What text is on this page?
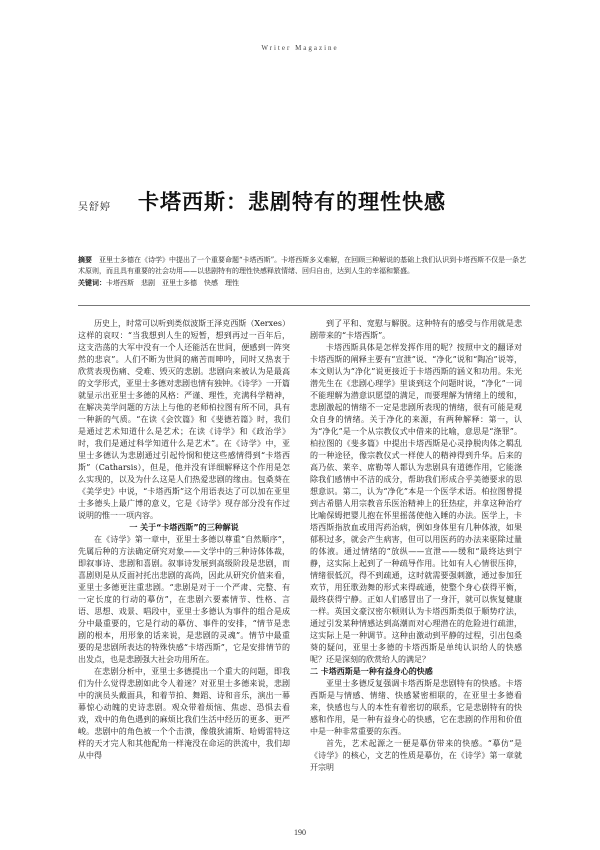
Writer Magazine
吴舒婷 卡塔西斯：悲剧特有的理性快感
摘要　 亚里士多德在《诗学》中提出了一个重要命题“卡塔西斯”。卡塔西斯多义难解，在回顾三种解说的基础上我们认识到卡塔西斯不仅是一条艺术原则，而且具有重要的社会功用——以悲剧特有的理性快感释放情绪、回归自由，达到人生的幸福和繁盛。
关键词：卡塔西斯　悲剧　亚里士多德　快感　理性

历史上，时常可以听到类似波斯王泽克西斯（Xerxes）这样的哀叹：“当我想到人生的短暂，想到再过一百年后，这支浩荡的大军中没有一个人还能活在世间，便感到一阵突然的悲哀”。人们不断为世间的痛苦而呻吟，同时又热衷于欣赏表现伤痛、受难、毁灭的悲剧。悲剧向来被认为是最高的文学形式，亚里士多德对悲剧也情有独钟。《诗学》一开篇就显示出亚里士多德的风格：严谨、理性，充满科学精神，在解决美学问题的方法上与他的老师柏拉图有所不同，具有一种新的气质。“在读《会饮篇》和《斐德若篇》时，我们是通过艺术知道什么是艺术；在读《诗学》和《政治学》时，我们是通过科学知道什么是艺术”。在《诗学》中，亚里士多德认为悲剧通过引起怜悯和使这些感情得到“卡塔西斯”（Catharsis），但是，他并没有详细解释这个作用是怎么实现的，以及为什么这是人们热爱悲剧的缘由。包桑葵在《美学史》中说，“卡塔西斯”这个用语表达了可以加在亚里士多德头上最广博的意义，它是《诗学》现存部分没有作过说明的惟一一项内容。

一 关于“卡塔西斯”的三种解说

在《诗学》第一章中，亚里士多德以尊重“自然顺序”，先属后种的方法确定研究对象——文学中的三种诗体体裁，即叙事诗、悲剧和喜剧。叙事诗发展到高级阶段是悲剧，而喜剧则是从反面衬托出悲剧的高尚，因此从研究价值来看，亚里士多德更注重悲剧。“悲剧是对于一个严肃、完整、有一定长度的行动的摹仿”，在悲剧六要素情节、性格、言语、思想、戏景、唱段中，亚里士多德认为事件的组合是成分中最重要的，它是行动的摹仿、事件的安排，“情节是悲剧的根本，用形象的话来说，是悲剧的灵魂”。情节中最重要的是悲剧所表达的特殊快感“卡塔西斯”，它是安排情节的出发点，也是悲剧强大社会功用所在。

在悲剧分析中，亚里士多德提出一个重大的问题，即我们为什么觉得悲剧如此令人着迷？对亚里士多德来说，悲剧中的演员头戴面具，和着节拍、舞蹈、诗和音乐，演出一幕幕惊心动魄的史诗悲剧。观众带着烦恼、焦虑、恐惧去看戏，戏中的角色遇到的麻烦比我们生活中经历的更多、更严峻。悲剧中的角色被一个个击溃，像俄狄浦斯、哈姆雷特这样的天才完人和其他配角一样淹没在命运的洪流中，我们却从中得

到了平和、宽慰与解脱。这种特有的感受与作用就是悲剧带来的“卡塔西斯”。

卡塔西斯具体是怎样发挥作用的呢？按照中文的翻译对卡塔西斯的阐释主要有“宣泄”说、“净化”说和“陶冶”说等，本文则认为“净化”说更接近于卡塔西斯的涵义和功用。朱光潜先生在《悲剧心理学》里谈到这个问题时说，“净化”一词不能理解为潜意识愿望的满足，而要理解为情绪上的缓和，悲剧激起的情绪不一定是悲剧所表现的情绪，很有可能是观众自身的情绪。关于净化的来源，有两种解释：第一，认为“净化”是一个从宗教仪式中借来的比喻，意思是“涤罪”。柏拉图的《斐多篇》中提出卡塔西斯是心灵挣脱肉体之羁乱的一种途径，像宗教仪式一样使人的精神得到升华。后来的高乃依、莱辛、席勒等人都认为悲剧具有道德作用，它能涤除我们感情中不洁的成分，帮助我们形成合乎美德要求的思想意识。第二，认为“净化”本是一个医学术语。柏拉图曾提到古希腊人用宗教音乐医治精神上的狂热症，并拿这种治疗比喻保姆把婴儿抱在怀里摇荡使他入睡的办法。医学上，卡塔西斯指放血或用泻药治病，例如身体里有几种体液，如果郁积过多，就会产生病害，但可以用医药的办法来驱除过量的体液。通过情绪的“放纵——宣泄——缓和”最终达到宁静，这实际上起到了一种疏导作用。比如有人心情很压抑，情绪很低沉，得不到疏通，这时就需要强刺激，通过参加狂欢节，用狂歌劲舞的形式来得疏通，使整个身心获得平衡，最终获得宁静。正如人们感冒出了一身汗，就可以恢复健康一样。英国文豪汉密尔顿则认为卡塔西斯类似于顺势疗法，通过引发某种情感达到高潮而对心理潜在的危险进行疏泄，这实际上是一种调节。这种由激动到平静的过程，引出包桑葵的疑问，亚里士多德的卡塔西斯是单纯认识给人的快感呢？还是深刻的欣赏给人的满足？

二 卡塔西斯是一种有益身心的快感

亚里士多德反复强调卡塔西斯是悲剧特有的快感。卡塔西斯是与情感、情绪、快感紧密相联的，在亚里士多德看来，快感也与人的本性有着密切的联系，它是悲剧特有的快感和作用，是一种有益身心的快感，它在悲剧的作用和价值中是一种非常重要的东西。

首先，艺术起源之一便是摹仿带来的快感。“摹仿”是《诗学》的核心，文艺的性质是摹仿，在《诗学》第一章就开宗明

190
